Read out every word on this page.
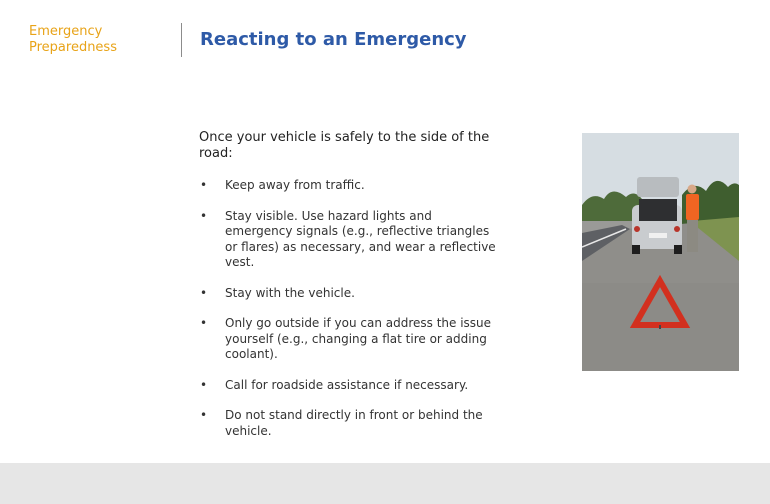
Emergency
Preparedness	Reacting to an Emergency

Once your vehicle is safely to the side of the road:

• Keep away from traffic.
• Stay visible. Use hazard lights and emergency signals (e.g., reflective triangles or flares) as necessary, and wear a reflective vest.
• Stay with the vehicle.
• Only go outside if you can address the issue yourself (e.g., changing a flat tire or adding coolant).
• Call for roadside assistance if necessary.
• Do not stand directly in front or behind the vehicle.
